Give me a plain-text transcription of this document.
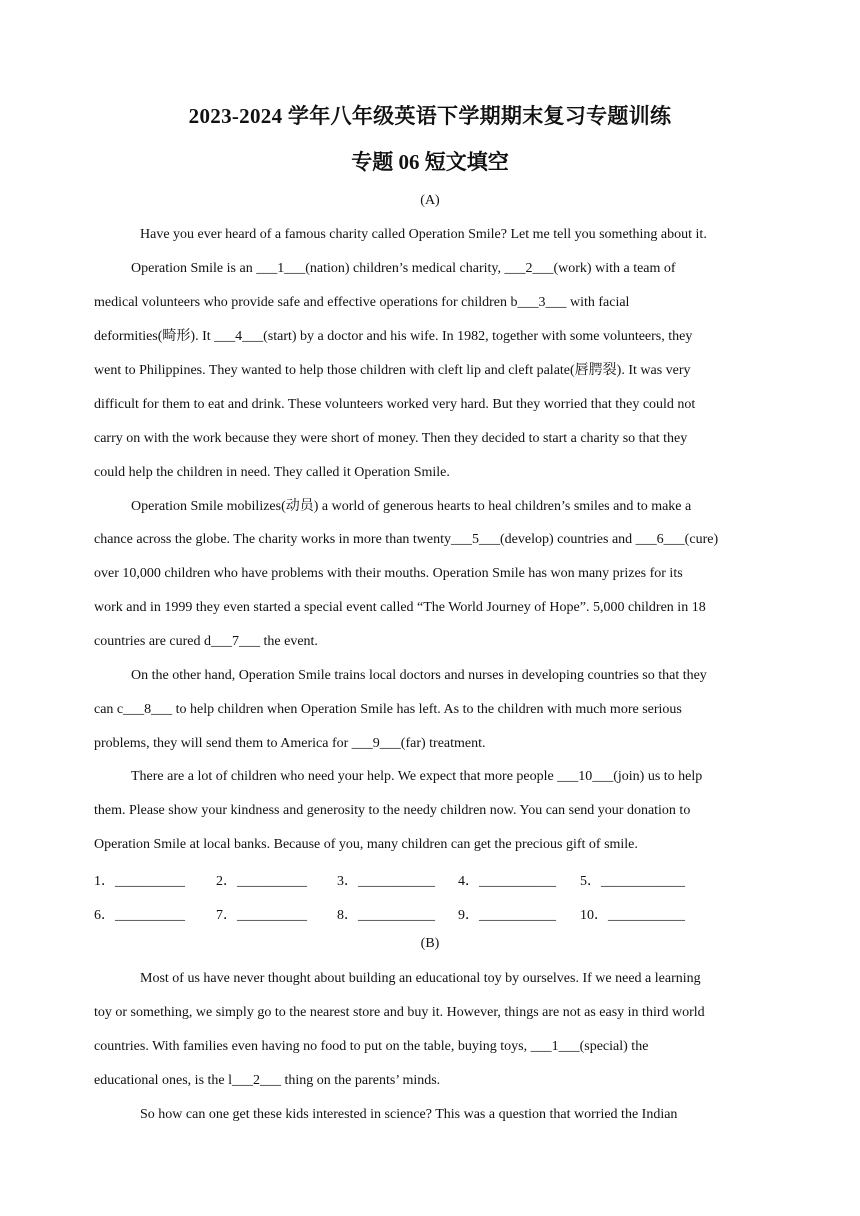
2023-2024 学年八年级英语下学期期末复习专题训练
专题 06 短文填空
(A)
Have you ever heard of a famous charity called Operation Smile? Let me tell you something about it.
Operation Smile is an ___1___(nation) children’s medical charity, ___2___(work) with a team of
medical volunteers who provide safe and effective operations for children b___3___ with facial
deformities(畸形). It ___4___(start) by a doctor and his wife. In 1982, together with some volunteers, they
went to Philippines. They wanted to help those children with cleft lip and cleft palate(唇腭裂). It was very
difficult for them to eat and drink. These volunteers worked very hard. But they worried that they could not
carry on with the work because they were short of money. Then they decided to start a charity so that they
could help the children in need. They called it Operation Smile.
Operation Smile mobilizes(动员) a world of generous hearts to heal children’s smiles and to make a
chance across the globe. The charity works in more than twenty___5___(develop) countries and ___6___(cure)
over 10,000 children who have problems with their mouths. Operation Smile has won many prizes for its
work and in 1999 they even started a special event called “The World Journey of Hope”. 5,000 children in 18
countries are cured d___7___ the event.
On the other hand, Operation Smile trains local doctors and nurses in developing countries so that they
can c___8___ to help children when Operation Smile has left. As to the children with much more serious
problems, they will send them to America for ___9___(far) treatment.
There are a lot of children who need your help. We expect that more people ___10___(join) us to help
them. Please show your kindness and generosity to the needy children now. You can send your donation to
Operation Smile at local banks. Because of you, many children can get the precious gift of smile.
1．__________ 2．__________ 3．___________ 4．___________ 5．____________
6．__________ 7．__________ 8．___________ 9．___________ 10．___________
(B)
Most of us have never thought about building an educational toy by ourselves. If we need a learning
toy or something, we simply go to the nearest store and buy it. However, things are not as easy in third world
countries. With families even having no food to put on the table, buying toys, ___1___(special) the
educational ones, is the l___2___ thing on the parents’ minds.
So how can one get these kids interested in science? This was a question that worried the Indian
